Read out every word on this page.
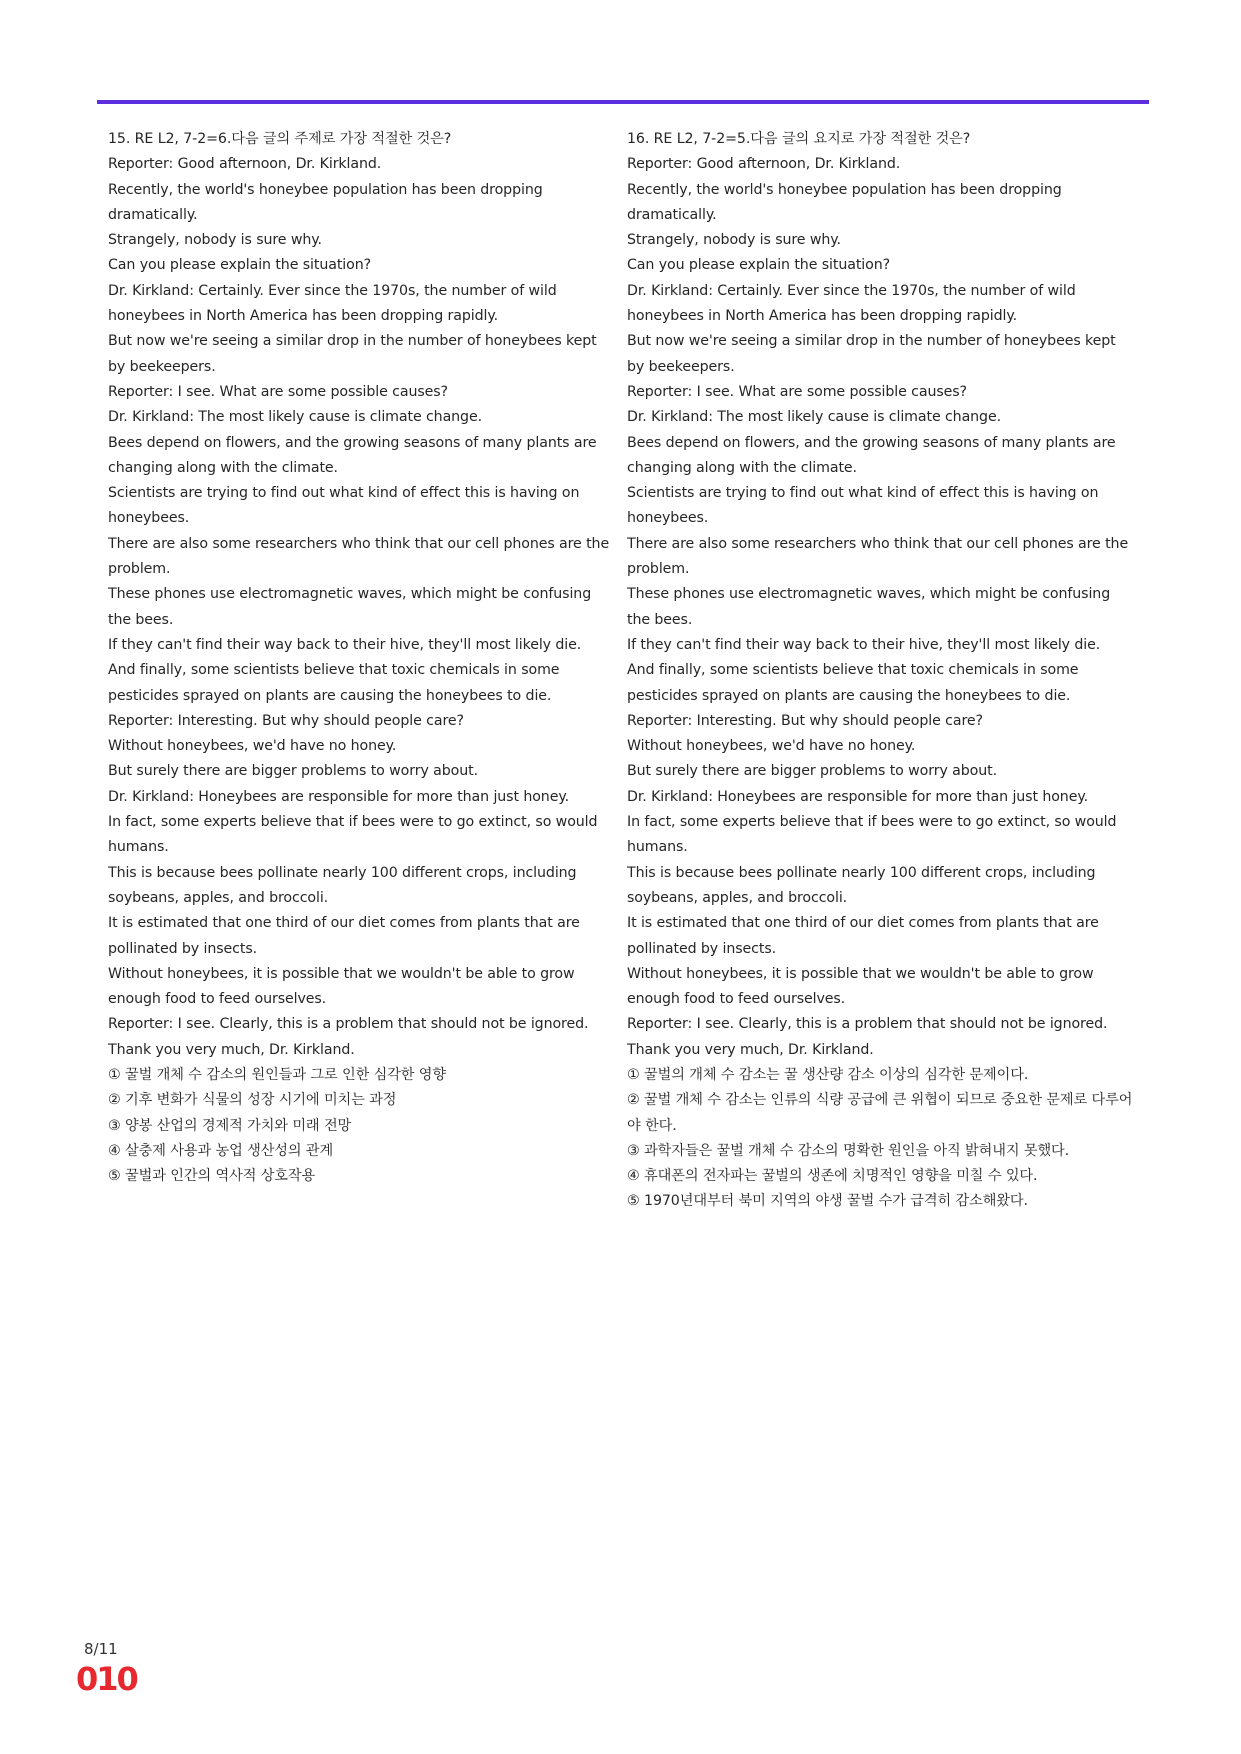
15. RE L2, 7-2=6.다음 글의 주제로 가장 적절한 것은?

Reporter: Good afternoon, Dr. Kirkland.

Recently, the world's honeybee population has been dropping dramatically.

Strangely, nobody is sure why.

Can you please explain the situation?

Dr. Kirkland: Certainly. Ever since the 1970s, the number of wild honeybees in North America has been dropping rapidly.

But now we're seeing a similar drop in the number of honeybees kept by beekeepers.

Reporter: I see. What are some possible causes?

Dr. Kirkland: The most likely cause is climate change.

Bees depend on flowers, and the growing seasons of many plants are changing along with the climate.

Scientists are trying to find out what kind of effect this is having on honeybees.

There are also some researchers who think that our cell phones are the problem.

These phones use electromagnetic waves, which might be confusing the bees.

If they can't find their way back to their hive, they'll most likely die.

And finally, some scientists believe that toxic chemicals in some pesticides sprayed on plants are causing the honeybees to die.

Reporter: Interesting. But why should people care?

Without honeybees, we'd have no honey.

But surely there are bigger problems to worry about.

Dr. Kirkland: Honeybees are responsible for more than just honey.

In fact, some experts believe that if bees were to go extinct, so would humans.

This is because bees pollinate nearly 100 different crops, including soybeans, apples, and broccoli.

It is estimated that one third of our diet comes from plants that are pollinated by insects.

Without honeybees, it is possible that we wouldn't be able to grow enough food to feed ourselves.

Reporter: I see. Clearly, this is a problem that should not be ignored.

Thank you very much, Dr. Kirkland.

① 꿀벌 개체 수 감소의 원인들과 그로 인한 심각한 영향
② 기후 변화가 식물의 성장 시기에 미치는 과정
③ 양봉 산업의 경제적 가치와 미래 전망
④ 살충제 사용과 농업 생산성의 관계
⑤ 꿀벌과 인간의 역사적 상호작용

16. RE L2, 7-2=5.다음 글의 요지로 가장 적절한 것은?

Reporter: Good afternoon, Dr. Kirkland.

Recently, the world's honeybee population has been dropping dramatically.

Strangely, nobody is sure why.

Can you please explain the situation?

Dr. Kirkland: Certainly. Ever since the 1970s, the number of wild honeybees in North America has been dropping rapidly.

But now we're seeing a similar drop in the number of honeybees kept by beekeepers.

Reporter: I see. What are some possible causes?

Dr. Kirkland: The most likely cause is climate change.

Bees depend on flowers, and the growing seasons of many plants are changing along with the climate.

Scientists are trying to find out what kind of effect this is having on honeybees.

There are also some researchers who think that our cell phones are the problem.

These phones use electromagnetic waves, which might be confusing the bees.

If they can't find their way back to their hive, they'll most likely die.

And finally, some scientists believe that toxic chemicals in some pesticides sprayed on plants are causing the honeybees to die.

Reporter: Interesting. But why should people care?

Without honeybees, we'd have no honey.

But surely there are bigger problems to worry about.

Dr. Kirkland: Honeybees are responsible for more than just honey.

In fact, some experts believe that if bees were to go extinct, so would humans.

This is because bees pollinate nearly 100 different crops, including soybeans, apples, and broccoli.

It is estimated that one third of our diet comes from plants that are pollinated by insects.

Without honeybees, it is possible that we wouldn't be able to grow enough food to feed ourselves.

Reporter: I see. Clearly, this is a problem that should not be ignored.

Thank you very much, Dr. Kirkland.

① 꿀벌의 개체 수 감소는 꿀 생산량 감소 이상의 심각한 문제이다.
② 꿀벌 개체 수 감소는 인류의 식량 공급에 큰 위협이 되므로 중요한 문제로 다루어야 한다.
③ 과학자들은 꿀벌 개체 수 감소의 명확한 원인을 아직 밝혀내지 못했다.
④ 휴대폰의 전자파는 꿀벌의 생존에 치명적인 영향을 미칠 수 있다.
⑤ 1970년대부터 북미 지역의 야생 꿀벌 수가 급격히 감소해왔다.
8/11
010
